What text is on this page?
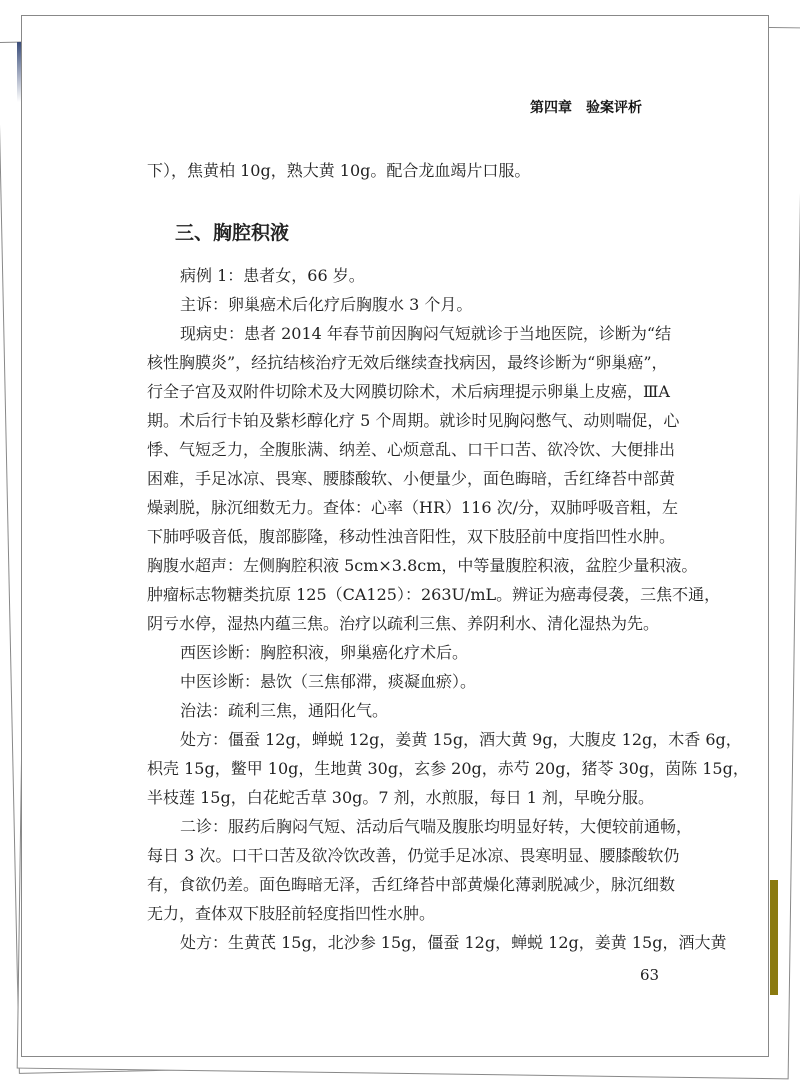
第四章　验案评析
下），焦黄柏 10g，熟大黄 10g。配合龙血竭片口服。
三、胸腔积液
病例 1：患者女，66 岁。
主诉：卵巢癌术后化疗后胸腹水 3 个月。
现病史：患者 2014 年春节前因胸闷气短就诊于当地医院，诊断为“结
核性胸膜炎”，经抗结核治疗无效后继续查找病因，最终诊断为“卵巢癌”，
行全子宫及双附件切除术及大网膜切除术，术后病理提示卵巢上皮癌，ⅢA
期。术后行卡铂及紫杉醇化疗 5 个周期。就诊时见胸闷憋气、动则喘促，心
悸、气短乏力，全腹胀满、纳差、心烦意乱、口干口苦、欲冷饮、大便排出
困难，手足冰凉、畏寒、腰膝酸软、小便量少，面色晦暗，舌红绛苔中部黄
燥剥脱，脉沉细数无力。查体：心率（HR）116 次/分，双肺呼吸音粗，左
下肺呼吸音低，腹部膨隆，移动性浊音阳性，双下肢胫前中度指凹性水肿。
胸腹水超声：左侧胸腔积液 5cm×3.8cm，中等量腹腔积液，盆腔少量积液。
肿瘤标志物糖类抗原 125（CA125）：263U/mL。辨证为癌毒侵袭，三焦不通，
阴亏水停，湿热内蕴三焦。治疗以疏利三焦、养阴利水、清化湿热为先。
西医诊断：胸腔积液，卵巢癌化疗术后。
中医诊断：悬饮（三焦郁滞，痰凝血瘀）。
治法：疏利三焦，通阳化气。
处方：僵蚕 12g，蝉蜕 12g，姜黄 15g，酒大黄 9g，大腹皮 12g，木香 6g，
枳壳 15g，鳖甲 10g，生地黄 30g，玄参 20g，赤芍 20g，猪苓 30g，茵陈 15g，
半枝莲 15g，白花蛇舌草 30g。7 剂，水煎服，每日 1 剂，早晚分服。
二诊：服药后胸闷气短、活动后气喘及腹胀均明显好转，大便较前通畅，
每日 3 次。口干口苦及欲冷饮改善，仍觉手足冰凉、畏寒明显、腰膝酸软仍
有，食欲仍差。面色晦暗无泽，舌红绛苔中部黄燥化薄剥脱减少，脉沉细数
无力，查体双下肢胫前轻度指凹性水肿。
处方：生黄芪 15g，北沙参 15g，僵蚕 12g，蝉蜕 12g，姜黄 15g，酒大黄
63
